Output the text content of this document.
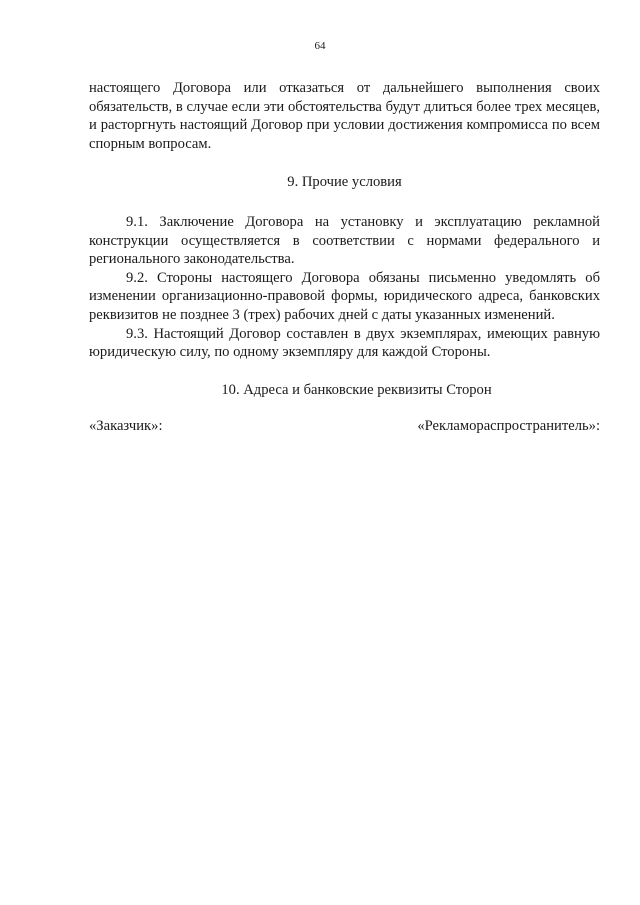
64

настоящего Договора или отказаться от дальнейшего выполнения своих обязательств, в случае если эти обстоятельства будут длиться более трех месяцев, и расторгнуть настоящий Договор при условии достижения компромисса по всем спорным вопросам.

9. Прочие условия

9.1. Заключение Договора на установку и эксплуатацию рекламной конструкции осуществляется в соответствии с нормами федерального и регионального законодательства.

9.2. Стороны настоящего Договора обязаны письменно уведомлять об изменении организационно-правовой формы, юридического адреса, банковских реквизитов не позднее 3 (трех) рабочих дней с даты указанных изменений.

9.3. Настоящий Договор составлен в двух экземплярах, имеющих равную юридическую силу, по одному экземпляру для каждой Стороны.

10. Адреса и банковские реквизиты Сторон

«Заказчик»:	«Рекламораспространитель»:
